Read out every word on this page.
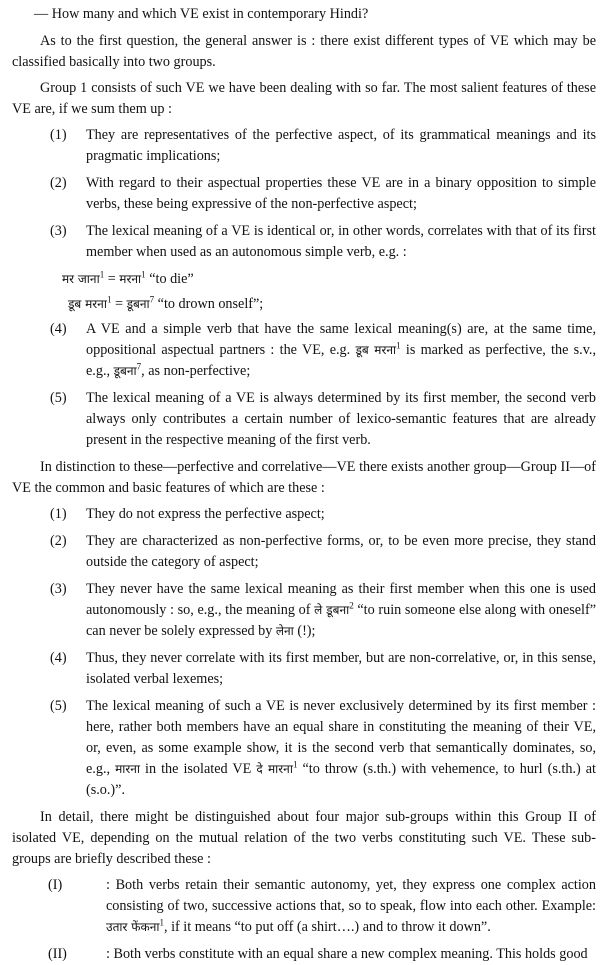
— How many and which VE exist in contemporary Hindi?

As to the first question, the general answer is : there exist different types of VE which may be classified basically into two groups.

Group 1 consists of such VE we have been dealing with so far. The most salient features of these VE are, if we sum them up :

(1) They are representatives of the perfective aspect, of its grammatical meanings and its pragmatic implications;
(2) With regard to their aspectual properties these VE are in a binary opposition to simple verbs, these being expressive of the non-perfective aspect;
(3) The lexical meaning of a VE is identical or, in other words, correlates with that of its first member when used as an autonomous simple verb, e.g. :
मर जाना$^1$ = मरना$^1$ “to die”
डूब मरना$^1$ = डूबना$^7$ “to drown onself”;
(4) A VE and a simple verb that have the same lexical meaning(s) are, at the same time, oppositional aspectual partners : the VE, e.g. डूब मरना$^1$ is marked as perfective, the s.v., e.g., डूबना$^7$, as non-perfective;
(5) The lexical meaning of a VE is always determined by its first member, the second verb always only contributes a certain number of lexico-semantic features that are already present in the respective meaning of the first verb.

In distinction to these—perfective and correlative—VE there exists another group—Group II—of VE the common and basic features of which are these :

(1) They do not express the perfective aspect;
(2) They are characterized as non-perfective forms, or, to be even more precise, they stand outside the category of aspect;
(3) They never have the same lexical meaning as their first member when this one is used autonomously : so, e.g., the meaning of ले डूबना$^2$ “to ruin someone else along with oneself” can never be solely expressed by लेना (!);
(4) Thus, they never correlate with its first member, but are non-correlative, or, in this sense, isolated verbal lexemes;
(5) The lexical meaning of such a VE is never exclusively determined by its first member : here, rather both members have an equal share in constituting the meaning of their VE, or, even, as some example show, it is the second verb that semantically dominates, so, e.g., मारना in the isolated VE दे मारना$^1$ “to throw (s.th.) with vehemence, to hurl (s.th.) at (s.o.)”.

In detail, there might be distinguished about four major sub-groups within this Group II of isolated VE, depending on the mutual relation of the two verbs constituting such VE. These sub-groups are briefly described these :

(I)	: Both verbs retain their semantic autonomy, yet, they express one complex action consisting of two, successive actions that, so to speak, flow into each other. Example: उतार फेंकना$^1$, if it means “to put off (a shirt….) and to throw it down”.
(II)	: Both verbs constitute with an equal share a new complex meaning. This holds good
